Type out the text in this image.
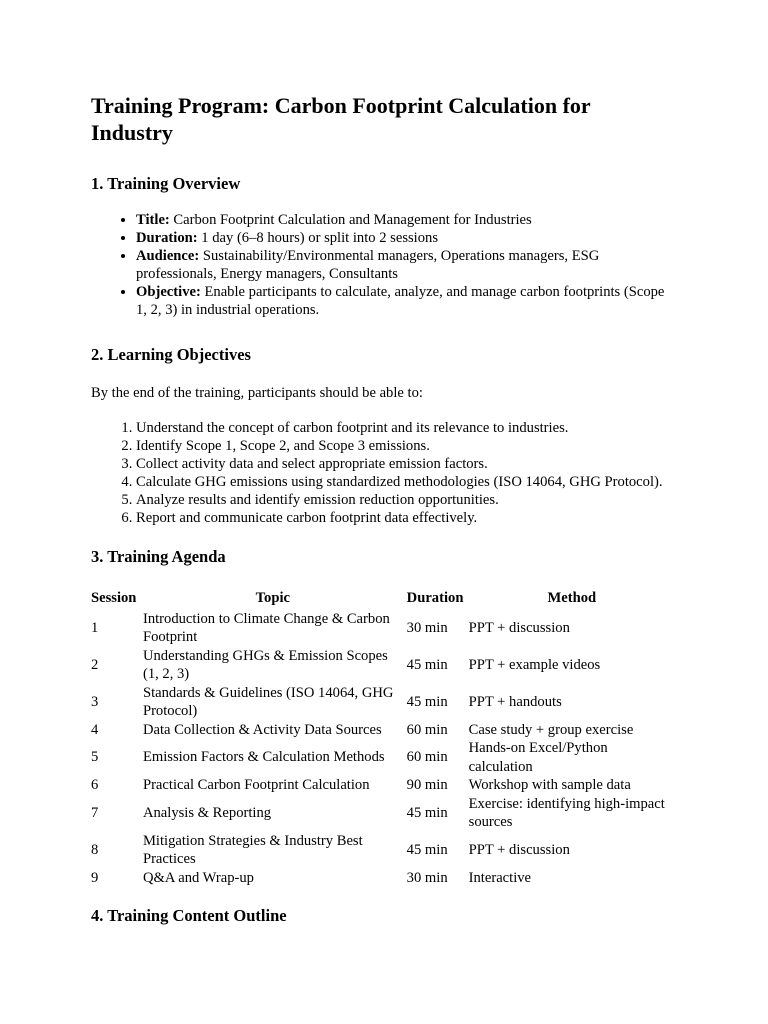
Training Program: Carbon Footprint Calculation for Industry
1. Training Overview
• Title: Carbon Footprint Calculation and Management for Industries
• Duration: 1 day (6–8 hours) or split into 2 sessions
• Audience: Sustainability/Environmental managers, Operations managers, ESG professionals, Energy managers, Consultants
• Objective: Enable participants to calculate, analyze, and manage carbon footprints (Scope 1, 2, 3) in industrial operations.
2. Learning Objectives

By the end of the training, participants should be able to:

1. Understand the concept of carbon footprint and its relevance to industries.
2. Identify Scope 1, Scope 2, and Scope 3 emissions.
3. Collect activity data and select appropriate emission factors.
4. Calculate GHG emissions using standardized methodologies (ISO 14064, GHG Protocol).
5. Analyze results and identify emission reduction opportunities.
6. Report and communicate carbon footprint data effectively.
3. Training Agenda
Session	Topic	Duration	Method
1	Introduction to Climate Change & Carbon Footprint	30 min	PPT + discussion
2	Understanding GHGs & Emission Scopes (1, 2, 3)	45 min	PPT + example videos
3	Standards & Guidelines (ISO 14064, GHG Protocol)	45 min	PPT + handouts
4	Data Collection & Activity Data Sources	60 min	Case study + group exercise
5	Emission Factors & Calculation Methods	60 min	Hands-on Excel/Python calculation
6	Practical Carbon Footprint Calculation	90 min	Workshop with sample data
7	Analysis & Reporting	45 min	Exercise: identifying high-impact sources
8	Mitigation Strategies & Industry Best Practices	45 min	PPT + discussion
9	Q&A and Wrap-up	30 min	Interactive
4. Training Content Outline
